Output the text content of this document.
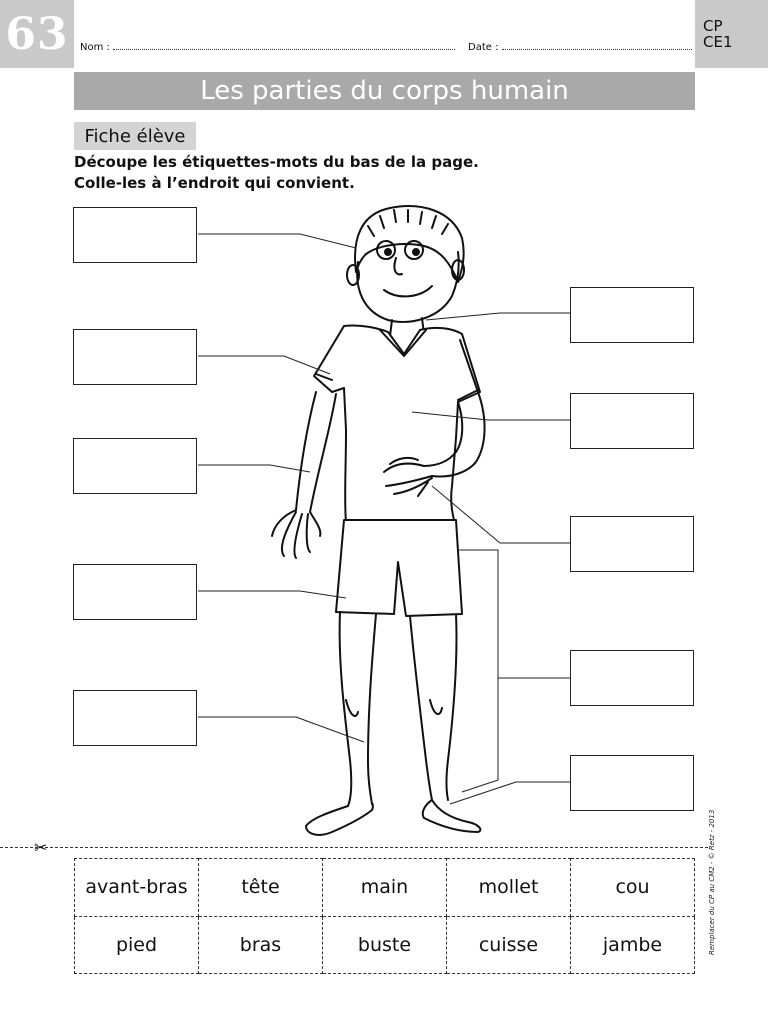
63	Nom :	Date :
CP
CE1
Les parties du corps humain
Fiche élève
Découpe les étiquettes-mots du bas de la page.
Colle-les à l’endroit qui convient.
✂
avant-bras	tête	main	mollet	cou
pied	bras	buste	cuisse	jambe	Remplacer du CP au CM2 - © Retz - 2013
